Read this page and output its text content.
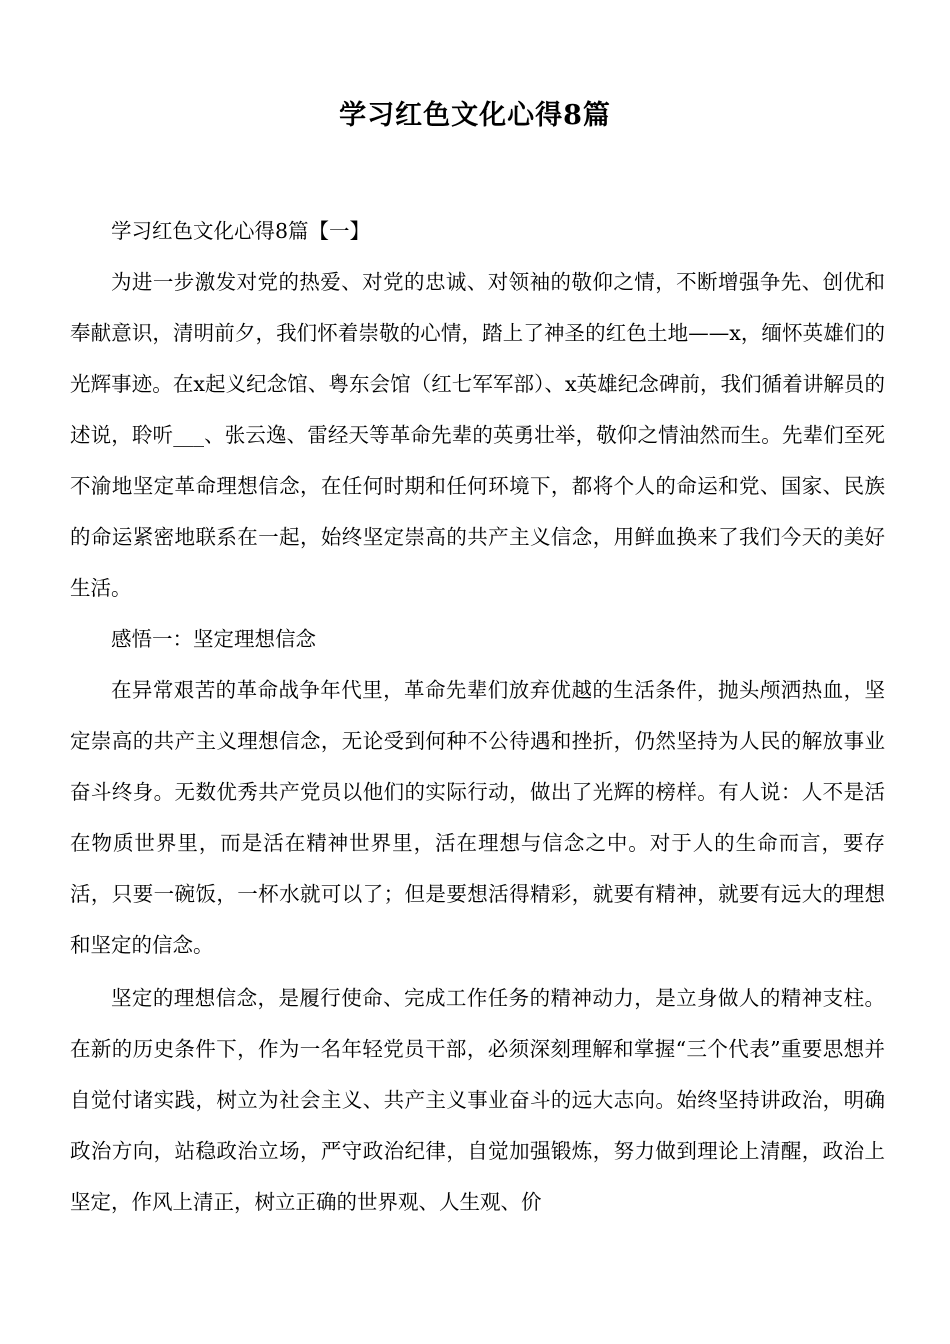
学习红色文化心得8篇

学习红色文化心得8篇【一】

为进一步激发对党的热爱、对党的忠诚、对领袖的敬仰之情，不断增强争先、创优和奉献意识，清明前夕，我们怀着崇敬的心情，踏上了神圣的红色土地——x，缅怀英雄们的光辉事迹。在x起义纪念馆、粤东会馆（红七军军部）、x英雄纪念碑前，我们循着讲解员的述说，聆听___、张云逸、雷经天等革命先辈的英勇壮举，敬仰之情油然而生。先辈们至死不渝地坚定革命理想信念，在任何时期和任何环境下，都将个人的命运和党、国家、民族的命运紧密地联系在一起，始终坚定崇高的共产主义信念，用鲜血换来了我们今天的美好生活。

感悟一：坚定理想信念

在异常艰苦的革命战争年代里，革命先辈们放弃优越的生活条件，抛头颅洒热血，坚定崇高的共产主义理想信念，无论受到何种不公待遇和挫折，仍然坚持为人民的解放事业奋斗终身。无数优秀共产党员以他们的实际行动，做出了光辉的榜样。有人说：人不是活在物质世界里，而是活在精神世界里，活在理想与信念之中。对于人的生命而言，要存活，只要一碗饭，一杯水就可以了；但是要想活得精彩，就要有精神，就要有远大的理想和坚定的信念。

坚定的理想信念，是履行使命、完成工作任务的精神动力，是立身做人的精神支柱。在新的历史条件下，作为一名年轻党员干部，必须深刻理解和掌握“三个代表”重要思想并自觉付诸实践，树立为社会主义、共产主义事业奋斗的远大志向。始终坚持讲政治，明确政治方向，站稳政治立场，严守政治纪律，自觉加强锻炼，努力做到理论上清醒，政治上坚定，作风上清正，树立正确的世界观、人生观、价
